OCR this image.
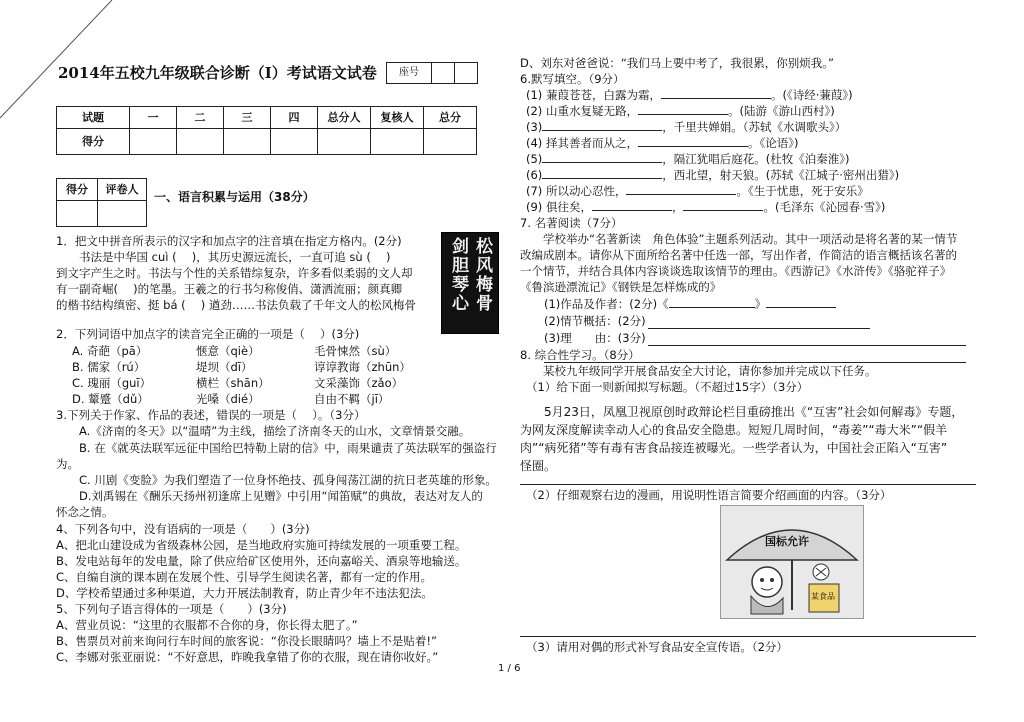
2014年五校九年级联合诊断（I）考试语文试卷 座号		
试题	一	二	三	四	总分人	复核人	总分
得分							
得分	评卷人

一、语言积累与运用（38分）
1．把文中拼音所表示的汉字和加点字的注音填在指定方格内。(2分)
　　书法是中华国 cuì (　 )，其历史源远流长，一直可追 sù (　 )
到文字产生之时。书法与个性的关系错综复杂，许多看似柔弱的文人却
有一副奇崛(　 )的笔墨。王羲之的行书匀称俊俏、潇洒流丽；颜真卿
的楷书结构缜密、挺 bá (　 ) 遒劲……书法负载了千年文人的松风梅骨	松风梅骨 剑胆琴心
2．下列词语中加点字的读音完全正确的一项是（　 ）(3分)
A. 奇葩（pā）	惬意（qiè）	毛骨悚然（sù）
B. 儒家（rú）	堤坝（dī）	谆谆教诲（zhūn）
C. 瑰丽（guī）	横栏（shān）	文采藻饰（zǎo）
D. 颦蹙（dǔ）	光嗓（dié）	自由不羁（jī）
3.下列关于作家、作品的表述，错误的一项是（　 ）。（3分）
　　A.《济南的冬天》以“温晴”为主线，描绘了济南冬天的山水，文章情景交融。
　　B. 在《就英法联军远征中国给巴特勒上尉的信》中，雨果谴责了英法联军的强盗行
为。
　　C. 川剧《变脸》为我们塑造了一位身怀绝技、孤身闯荡江湖的抗日老英雄的形象。
　　D.刘禹锡在《酬乐天扬州初逢席上见赠》中引用“闻笛赋”的典故，表达对友人的
怀念之情。
4、下列各句中，没有语病的一项是（　　）(3分)
A、把北山建设成为省级森林公园，是当地政府实施可持续发展的一项重要工程。
B、发电站每年的发电量，除了供应给矿区使用外，还向嘉峪关、酒泉等地输送。
C、自编自演的课本剧在发展个性、引导学生阅读名著，都有一定的作用。
D、学校希望通过多种渠道，大力开展法制教育，防止青少年不违法犯法。
5、下列句子语言得体的一项是（　　）(3分)
A、营业员说：“这里的衣服都不合你的身，你长得太肥了。”
B、售票员对前来询问行车时间的旅客说：“你没长眼睛吗？墙上不是贴着!”
C、李娜对张亚丽说：“不好意思，昨晚我拿错了你的衣服，现在请你收好。”
D、刘东对爸爸说：“我们马上要中考了，我很累，你别烦我。”
6.默写填空。（9分）
(1) 蒹葭苍苍，白露为霜，	。(《诗经·蒹葭》)
(2) 山重水复疑无路，	。(陆游《游山西村》)
(3)	，千里共婵娟。（苏轼《水调歌头》）
(4) 择其善者而从之，	。《论语》)
(5)	，隔江犹唱后庭花。(杜牧《泊秦淮》)
(6)	，西北望，射天狼。(苏轼《江城子·密州出猎》)
(7) 所以动心忍性，	。《生于忧患，死于安乐》
(9) 俱往矣，	，	。(毛泽东《沁园春·雪》)
7. 名著阅读（7分）
　　学校举办“名著新读　角色体验”主题系列活动。其中一项活动是将名著的某一情节
改编成剧本。请你从下面所给名著中任选一部，写出作者，作简洁的语言概括该名著的
一个情节，并结合具体内容谈谈选取该情节的理由。《西游记》《水浒传》《骆驼祥子》
《鲁滨逊漂流记》《钢铁是怎样炼成的》
(1)作品及作者：(2分)《	》
(2)情节概括：(2分)
(3)理　　由：(3分)
8. 综合性学习。（8分）
　　某校九年级同学开展食品安全大讨论，请你参加并完成以下任务。
（1）给下面一则新闻拟写标题。（不超过15字）（3分）
　　5月23日，凤凰卫视原创时政辩论栏目重磅推出《“互害”社会如何解毒》专题，
为网友深度解读幸动人心的食品安全隐患。短短几周时间，“毒姜”“毒大米”“假羊
肉”“病死猪”等有毒有害食品接连被曝光。一些学者认为，中国社会正陷入“互害”
怪圈。
（2）仔细观察右边的漫画，用说明性语言简要介绍画面的内容。（3分）
国标允许
某食品
（3）请用对偶的形式补写食品安全宣传语。（2分）
1 / 6
